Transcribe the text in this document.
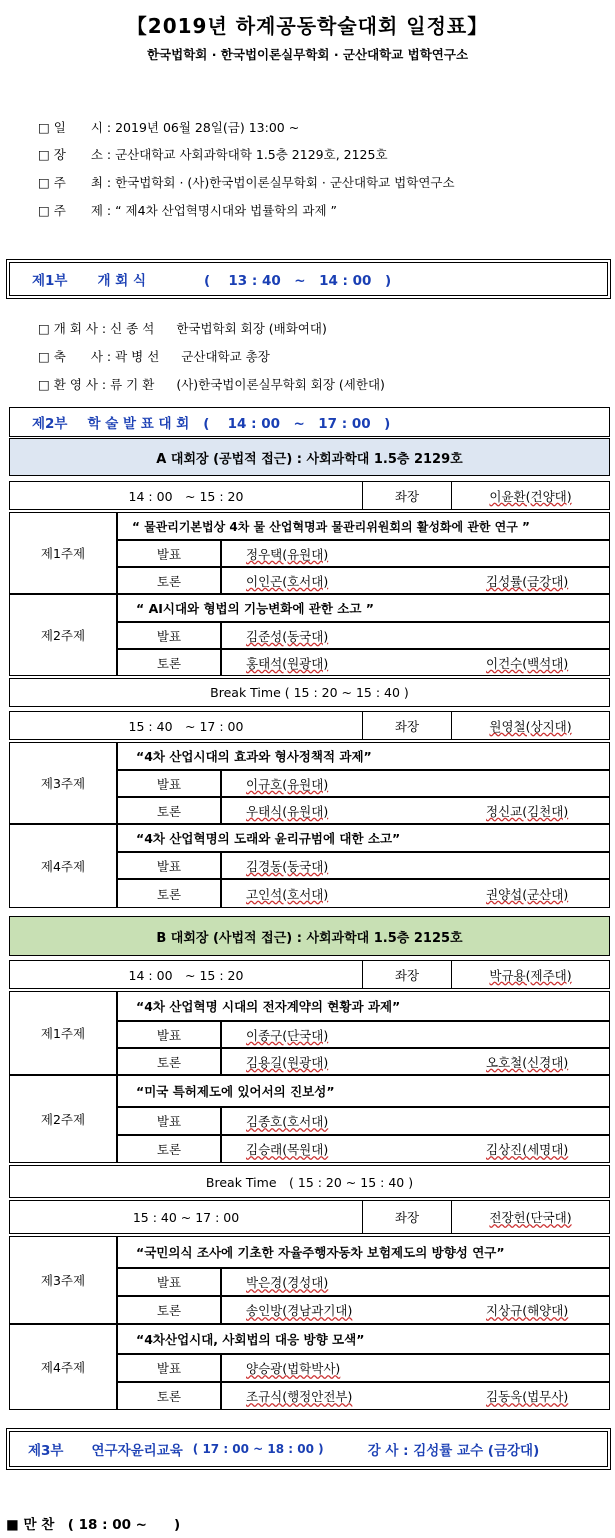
【2019년 하계공동학술대회 일정표】
한국법학회 · 한국법이론실무학회 · 군산대학교 법학연구소
□ 일　　시 : 2019년 06월 28일(금) 13:00 ~
□ 장　　소 : 군산대학교 사회과학대학 1.5층 2129호, 2125호
□ 주　　최 : 한국법학회 · (사)한국법이론실무학회 · 군산대학교 법학연구소
□ 주　　제 : “ 제4차 산업혁명시대와 법률학의 과제 ”
제1부 개 회 식	(　 13 : 40　~　14 : 00　)
□ 개 회 사 : 신 종 석 한국법학회 회장 (배화여대)
□ 축　　사 : 곽 병 선 군산대학교 총장
□ 환 영 사 : 류 기 환 (사)한국법이론실무학회 회장 (세한대)
제2부 학 술 발 표 대 회 (　 14 : 00　~　17 : 00　)
A 대회장 (공법적 접근) : 사회과학대 1.5층 2129호
14 : 00　~ 15 : 20	좌장	이윤환(건양대)
제1주제
“ 물관리기본법상 4차 물 산업혁명과 물관리위원회의 활성화에 관한 연구 ”
발표	정우택(유원대)
토론	이인곤(호서대)	김성률(금강대)
제2주제
“ AI시대와 형법의 기능변화에 관한 소고 ”
발표	김준성(동국대)
토론	홍태석(원광대)	이건수(백석대)
Break Time ( 15 : 20 ~ 15 : 40 )
15 : 40　~ 17 : 00	좌장	원영철(상지대)
제3주제
“4차 산업시대의 효과와 형사정책적 과제”
발표	이규호(유원대)
토론	우태식(유원대)	정신교(김천대)
제4주제
“4차 산업혁명의 도래와 윤리규범에 대한 소고”
발표	김경동(동국대)
토론	고인석(호서대)	권양섭(군산대)
B 대회장 (사법적 접근) : 사회과학대 1.5층 2125호
14 : 00　~ 15 : 20	좌장	박규용(제주대)
제1주제
“4차 산업혁명 시대의 전자계약의 현황과 과제”
발표	이종구(단국대)
토론	김용길(원광대)	오호철(신경대)
제2주제
“미국 특허제도에 있어서의 진보성”
발표	김종호(호서대)
토론	김승래(목원대)	김상진(세명대)
Break Time　( 15 : 20 ~ 15 : 40 )
15 : 40 ~ 17 : 00	좌장	전장헌(단국대)
제3주제
“국민의식 조사에 기초한 자율주행자동차 보험제도의 방향성 연구”
발표	박은경(경성대)
토론	송인방(경남과기대)	지상규(해양대)
제4주제
“4차산업시대, 사회법의 대응 방향 모색”
발표	양승광(법학박사)
토론	조규식(행정안전부)	김동욱(법무사)
제3부 연구자윤리교육 ( 17 : 00 ~ 18 : 00 )	강 사 : 김성률 교수 (금강대)
■ 만 찬　( 18 : 00 ~　　)
